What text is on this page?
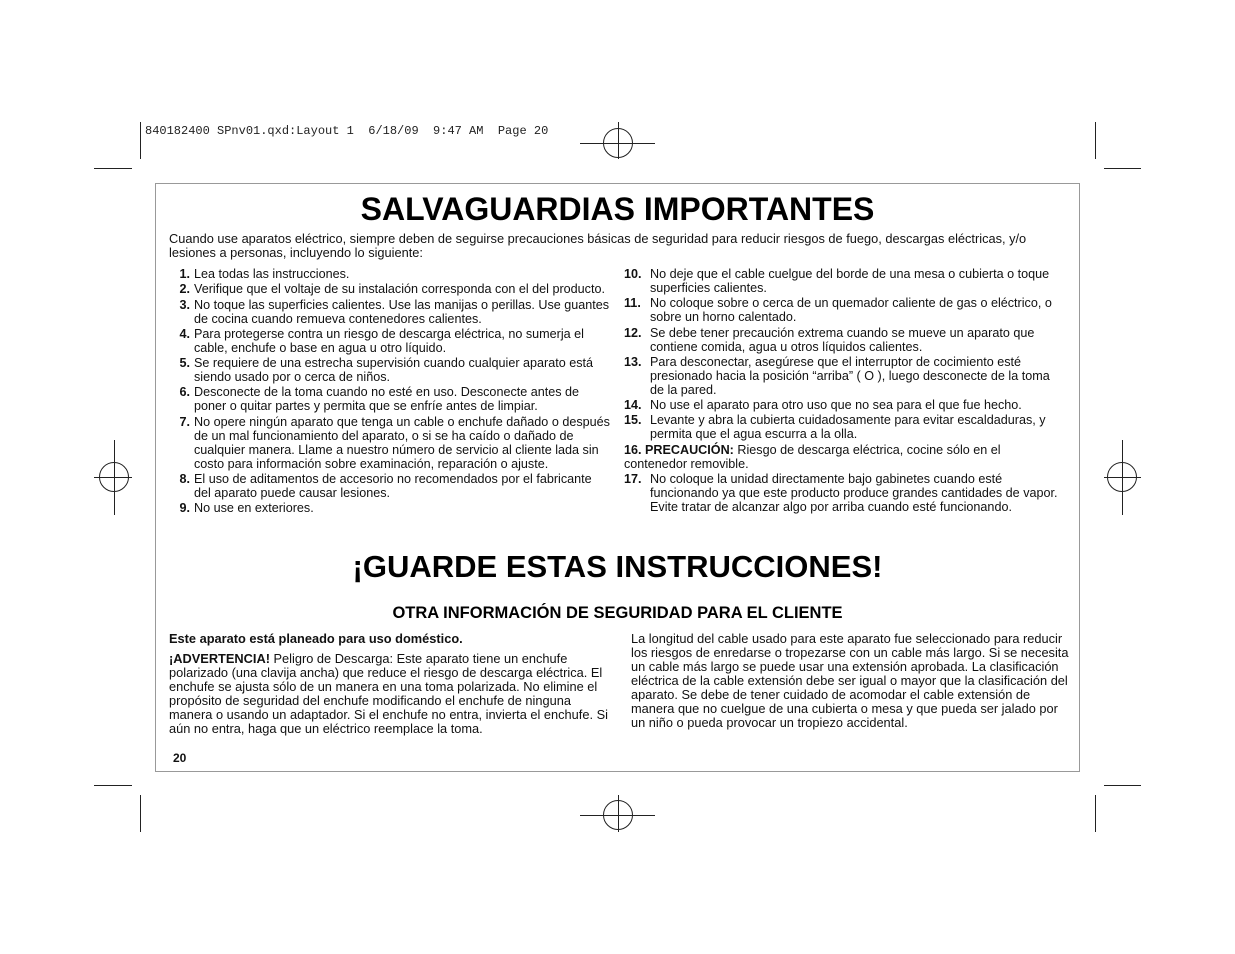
840182400 SPnv01.qxd:Layout 1  6/18/09  9:47 AM  Page 20
SALVAGUARDIAS IMPORTANTES
Cuando use aparatos eléctrico, siempre deben de seguirse precauciones básicas de seguridad para reducir riesgos de fuego, descargas eléctricas, y/o lesiones a personas, incluyendo lo siguiente:
1. Lea todas las instrucciones.
2. Verifique que el voltaje de su instalación corresponda con el del producto.
3. No toque las superficies calientes. Use las manijas o perillas. Use guantes de cocina cuando remueva contenedores calientes.
4. Para protegerse contra un riesgo de descarga eléctrica, no sumerja el cable, enchufe o base en agua u otro líquido.
5. Se requiere de una estrecha supervisión cuando cualquier aparato está siendo usado por o cerca de niños.
6. Desconecte de la toma cuando no esté en uso. Desconecte antes de poner o quitar partes y permita que se enfríe antes de limpiar.
7. No opere ningún aparato que tenga un cable o enchufe dañado o después de un mal funcionamiento del aparato, o si se ha caído o dañado de cualquier manera. Llame a nuestro número de servicio al cliente lada sin costo para información sobre examinación, reparación o ajuste.
8. El uso de aditamentos de accesorio no recomendados por el fabricante del aparato puede causar lesiones.
9. No use en exteriores.
10. No deje que el cable cuelgue del borde de una mesa o cubierta o toque superficies calientes.
11. No coloque sobre o cerca de un quemador caliente de gas o eléctrico, o sobre un horno calentado.
12. Se debe tener precaución extrema cuando se mueve un aparato que contiene comida, agua u otros líquidos calientes.
13. Para desconectar, asegúrese que el interruptor de cocimiento esté presionado hacia la posición “arriba” ( O ), luego desconecte de la toma de la pared.
14. No use el aparato para otro uso que no sea para el que fue hecho.
15. Levante y abra la cubierta cuidadosamente para evitar escaldaduras, y permita que el agua escurra a la olla.
16. PRECAUCIÓN: Riesgo de descarga eléctrica, cocine sólo en el contenedor removible.
17. No coloque la unidad directamente bajo gabinetes cuando esté funcionando ya que este producto produce grandes cantidades de vapor. Evite tratar de alcanzar algo por arriba cuando esté funcionando.
¡GUARDE ESTAS INSTRUCCIONES!
OTRA INFORMACIÓN DE SEGURIDAD PARA EL CLIENTE

Este aparato está planeado para uso doméstico.

¡ADVERTENCIA! Peligro de Descarga: Este aparato tiene un enchufe polarizado (una clavija ancha) que reduce el riesgo de descarga eléctrica. El enchufe se ajusta sólo de un manera en una toma polarizada. No elimine el propósito de seguridad del enchufe modificando el enchufe de ninguna manera o usando un adaptador. Si el enchufe no entra, invierta el enchufe. Si aún no entra, haga que un eléctrico reemplace la toma.

La longitud del cable usado para este aparato fue seleccionado para reducir los riesgos de enredarse o tropezarse con un cable más largo. Si se necesita un cable más largo se puede usar una extensión aprobada. La clasificación eléctrica de la cable extensión debe ser igual o mayor que la clasificación del aparato. Se debe de tener cuidado de acomodar el cable extensión de manera que no cuelgue de una cubierta o mesa y que pueda ser jalado por un niño o pueda provocar un tropiezo accidental.

20
